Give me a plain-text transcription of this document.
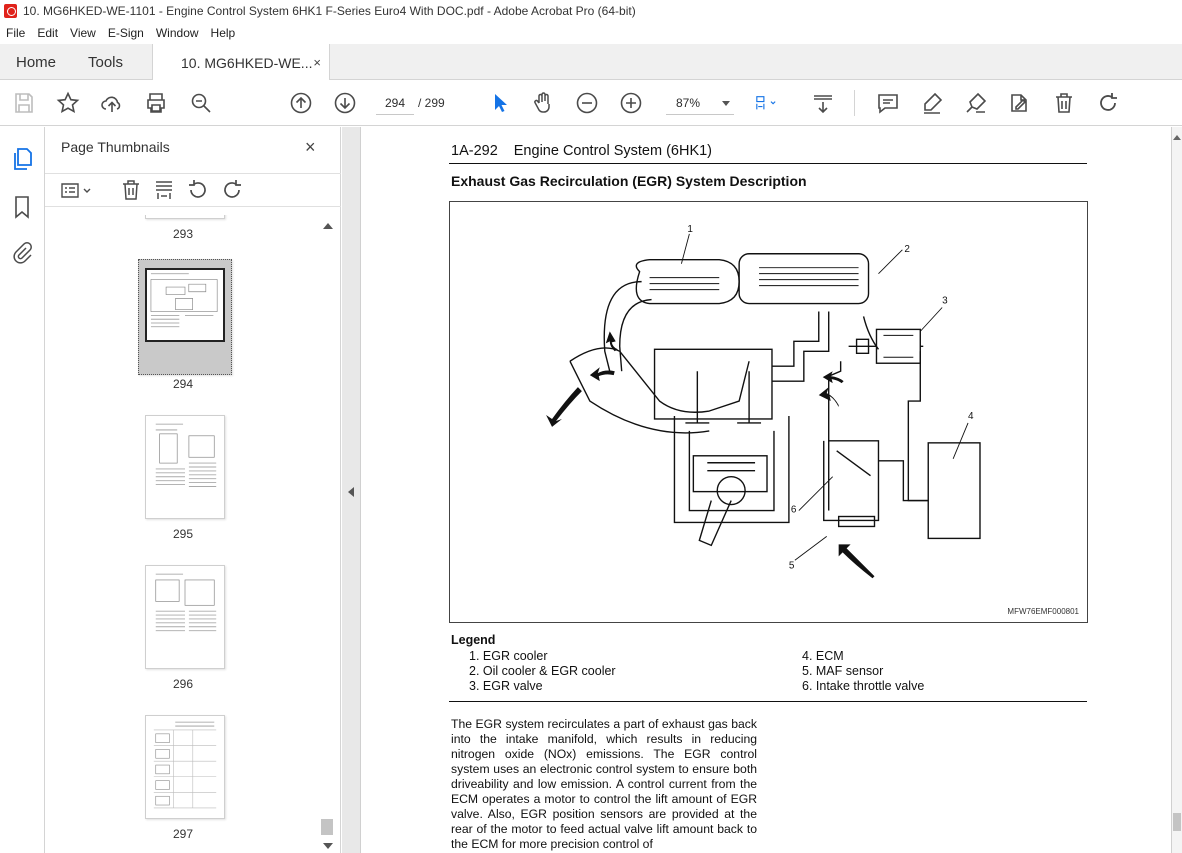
10. MG6HKED-WE-1101 - Engine Control System 6HK1 F-Series Euro4 With DOC.pdf - Adobe Acrobat Pro (64-bit)
File Edit View E-Sign Window Help
Home Tools	10. MG6HKED-WE... ×
294	/ 299	87%
Page Thumbnails	×
293
294
295
296
297
1A-292 Engine Control System (6HK1)
Exhaust Gas Recirculation (EGR) System Description
1
2
3
4
5
6
MFW76EMF000801
Legend
1. EGR cooler
2. Oil cooler & EGR cooler
3. EGR valve
4. ECM
5. MAF sensor
6. Intake throttle valve
The EGR system recirculates a part of exhaust gas back into the intake manifold, which results in reducing nitrogen oxide (NOx) emissions. The EGR control system uses an electronic control system to ensure both driveability and low emission. A control current from the ECM operates a motor to control the lift amount of EGR valve. Also, EGR position sensors are provided at the rear of the motor to feed actual valve lift amount back to the ECM for more precision control of
